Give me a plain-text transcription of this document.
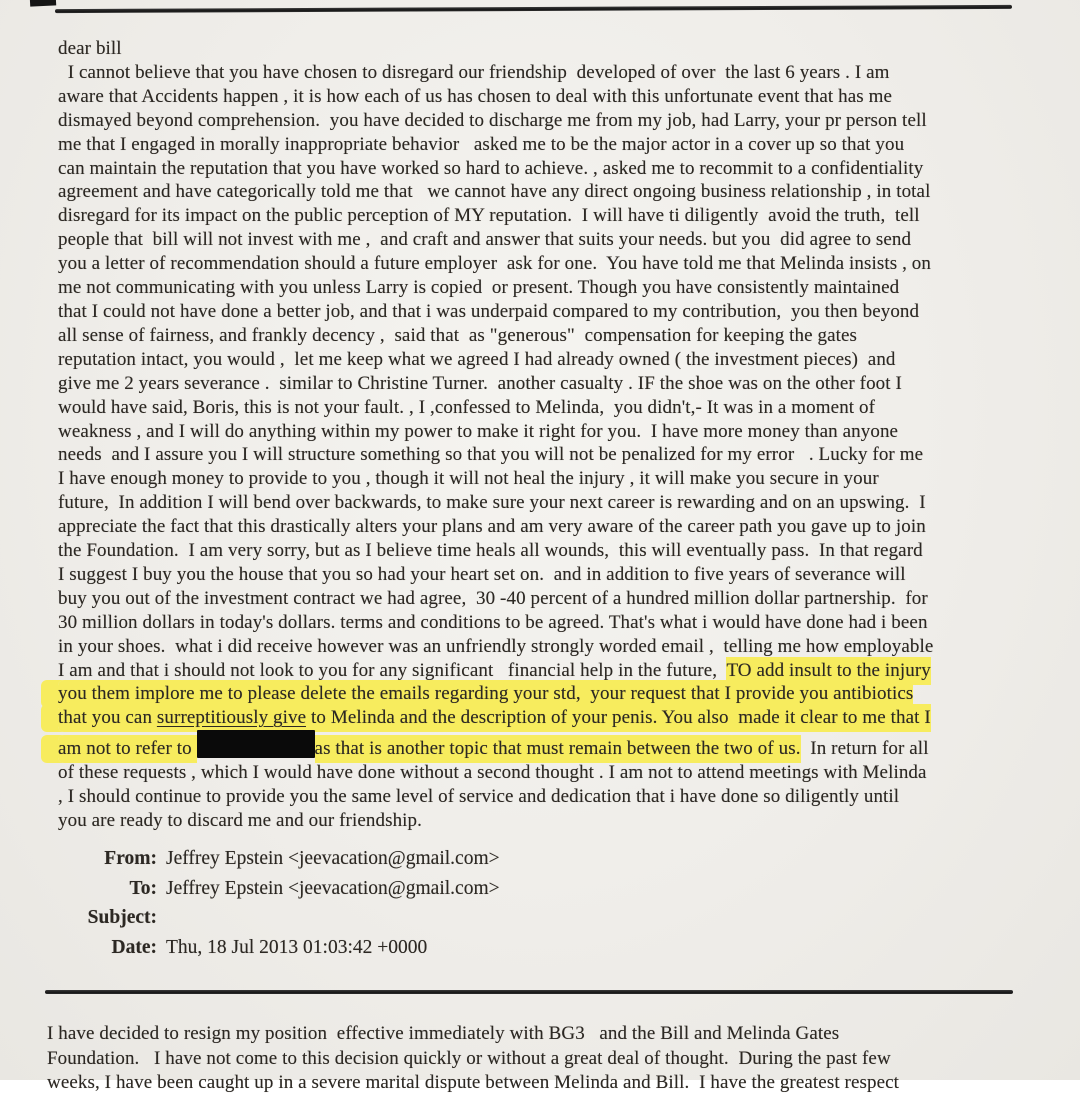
dear bill
I cannot believe that you have chosen to disregard our friendship  developed of over  the last 6 years . I am
aware that Accidents happen , it is how each of us has chosen to deal with this unfortunate event that has me
dismayed beyond comprehension.  you have decided to discharge me from my job, had Larry, your pr person tell
me that I engaged in morally inappropriate behavior   asked me to be the major actor in a cover up so that you
can maintain the reputation that you have worked so hard to achieve. , asked me to recommit to a confidentiality
agreement and have categorically told me that   we cannot have any direct ongoing business relationship , in total
disregard for its impact on the public perception of MY reputation.  I will have ti diligently  avoid the truth,  tell
people that  bill will not invest with me ,  and craft and answer that suits your needs. but you  did agree to send
you a letter of recommendation should a future employer  ask for one.  You have told me that Melinda insists , on
me not communicating with you unless Larry is copied  or present. Though you have consistently maintained
that I could not have done a better job, and that i was underpaid compared to my contribution,  you then beyond
all sense of fairness, and frankly decency ,  said that  as "generous"  compensation for keeping the gates
reputation intact, you would ,  let me keep what we agreed I had already owned ( the investment pieces)  and
give me 2 years severance .  similar to Christine Turner.  another casualty . IF the shoe was on the other foot I
would have said, Boris, this is not your fault. , I ,confessed to Melinda,  you didn't,- It was in a moment of
weakness , and I will do anything within my power to make it right for you.  I have more money than anyone
needs  and I assure you I will structure something so that you will not be penalized for my error   . Lucky for me
I have enough money to provide to you , though it will not heal the injury , it will make you secure in your
future,  In addition I will bend over backwards, to make sure your next career is rewarding and on an upswing.  I
appreciate the fact that this drastically alters your plans and am very aware of the career path you gave up to join
the Foundation.  I am very sorry, but as I believe time heals all wounds,  this will eventually pass.  In that regard
I suggest I buy you the house that you so had your heart set on.  and in addition to five years of severance will
buy you out of the investment contract we had agree,  30 -40 percent of a hundred million dollar partnership.  for
30 million dollars in today's dollars. terms and conditions to be agreed. That's what i would have done had i been
in your shoes.  what i did receive however was an unfriendly strongly worded email ,  telling me how employable
I am and that i should not look to you for any significant   financial help in the future,  TO add insult to the injury
you them implore me to please delete the emails regarding your std,  your request that I provide you antibiotics
that you can surreptitiously give to Melinda and the description of your penis. You also  made it clear to me that I
am not to refer to	as that is another topic that must remain between the two of us.  In return for all
of these requests , which I would have done without a second thought . I am not to attend meetings with Melinda
, I should continue to provide you the same level of service and dedication that i have done so diligently until
you are ready to discard me and our friendship.
From: Jeffrey Epstein <jeevacation@gmail.com>
To: Jeffrey Epstein <jeevacation@gmail.com>
Subject:
Date: Thu, 18 Jul 2013 01:03:42 +0000
I have decided to resign my position  effective immediately with BG3   and the Bill and Melinda Gates
Foundation.   I have not come to this decision quickly or without a great deal of thought.  During the past few
weeks, I have been caught up in a severe marital dispute between Melinda and Bill.  I have the greatest respect
